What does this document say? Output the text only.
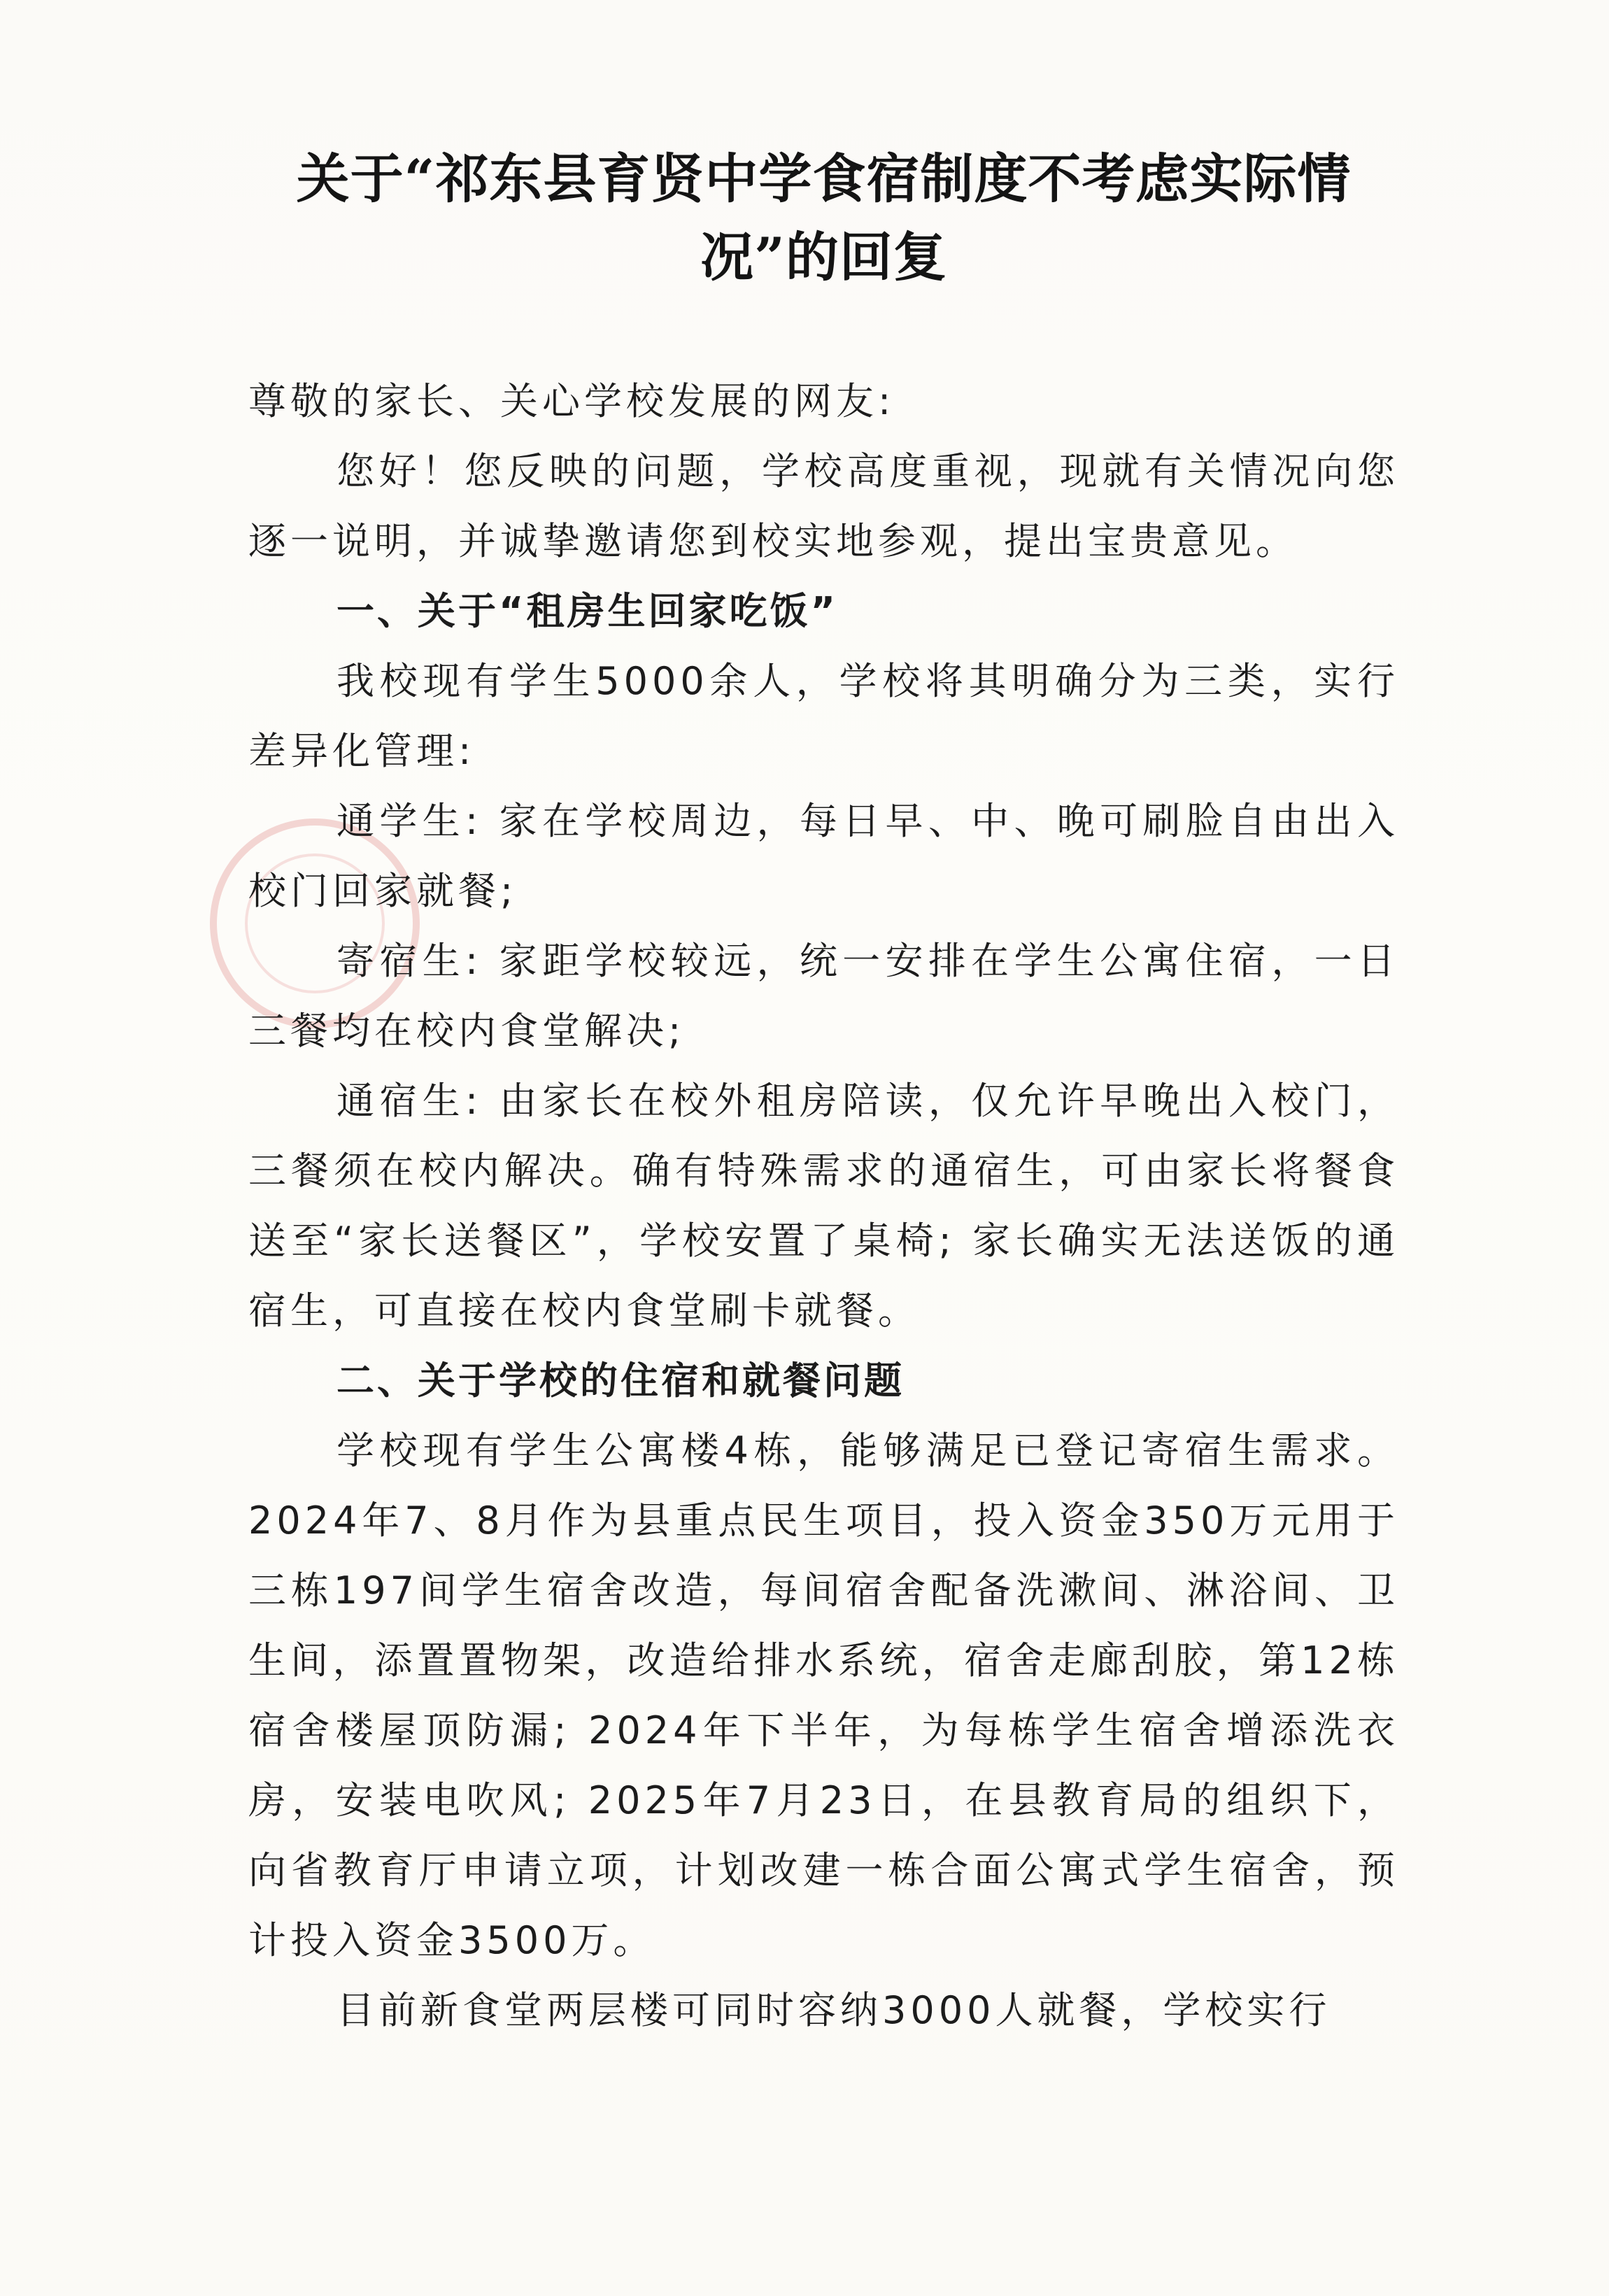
关于“祁东县育贤中学食宿制度不考虑实际情况”的回复

尊敬的家长、关心学校发展的网友:

您好！您反映的问题，学校高度重视，现就有关情况向您逐一说明，并诚挚邀请您到校实地参观，提出宝贵意见。

一、关于“租房生回家吃饭”

我校现有学生5000余人，学校将其明确分为三类，实行差异化管理:

通学生: 家在学校周边，每日早、中、晚可刷脸自由出入校门回家就餐;

寄宿生: 家距学校较远，统一安排在学生公寓住宿，一日三餐均在校内食堂解决;

通宿生: 由家长在校外租房陪读，仅允许早晚出入校门，三餐须在校内解决。确有特殊需求的通宿生，可由家长将餐食送至“家长送餐区”，学校安置了桌椅; 家长确实无法送饭的通宿生，可直接在校内食堂刷卡就餐。

二、关于学校的住宿和就餐问题

学校现有学生公寓楼4栋，能够满足已登记寄宿生需求。2024年7、8月作为县重点民生项目，投入资金350万元用于三栋197间学生宿舍改造，每间宿舍配备洗漱间、淋浴间、卫生间，添置置物架，改造给排水系统，宿舍走廊刮胶，第12栋宿舍楼屋顶防漏; 2024年下半年，为每栋学生宿舍增添洗衣房，安装电吹风; 2025年7月23日，在县教育局的组织下，向省教育厅申请立项，计划改建一栋合面公寓式学生宿舍，预计投入资金3500万。

目前新食堂两层楼可同时容纳3000人就餐，学校实行
